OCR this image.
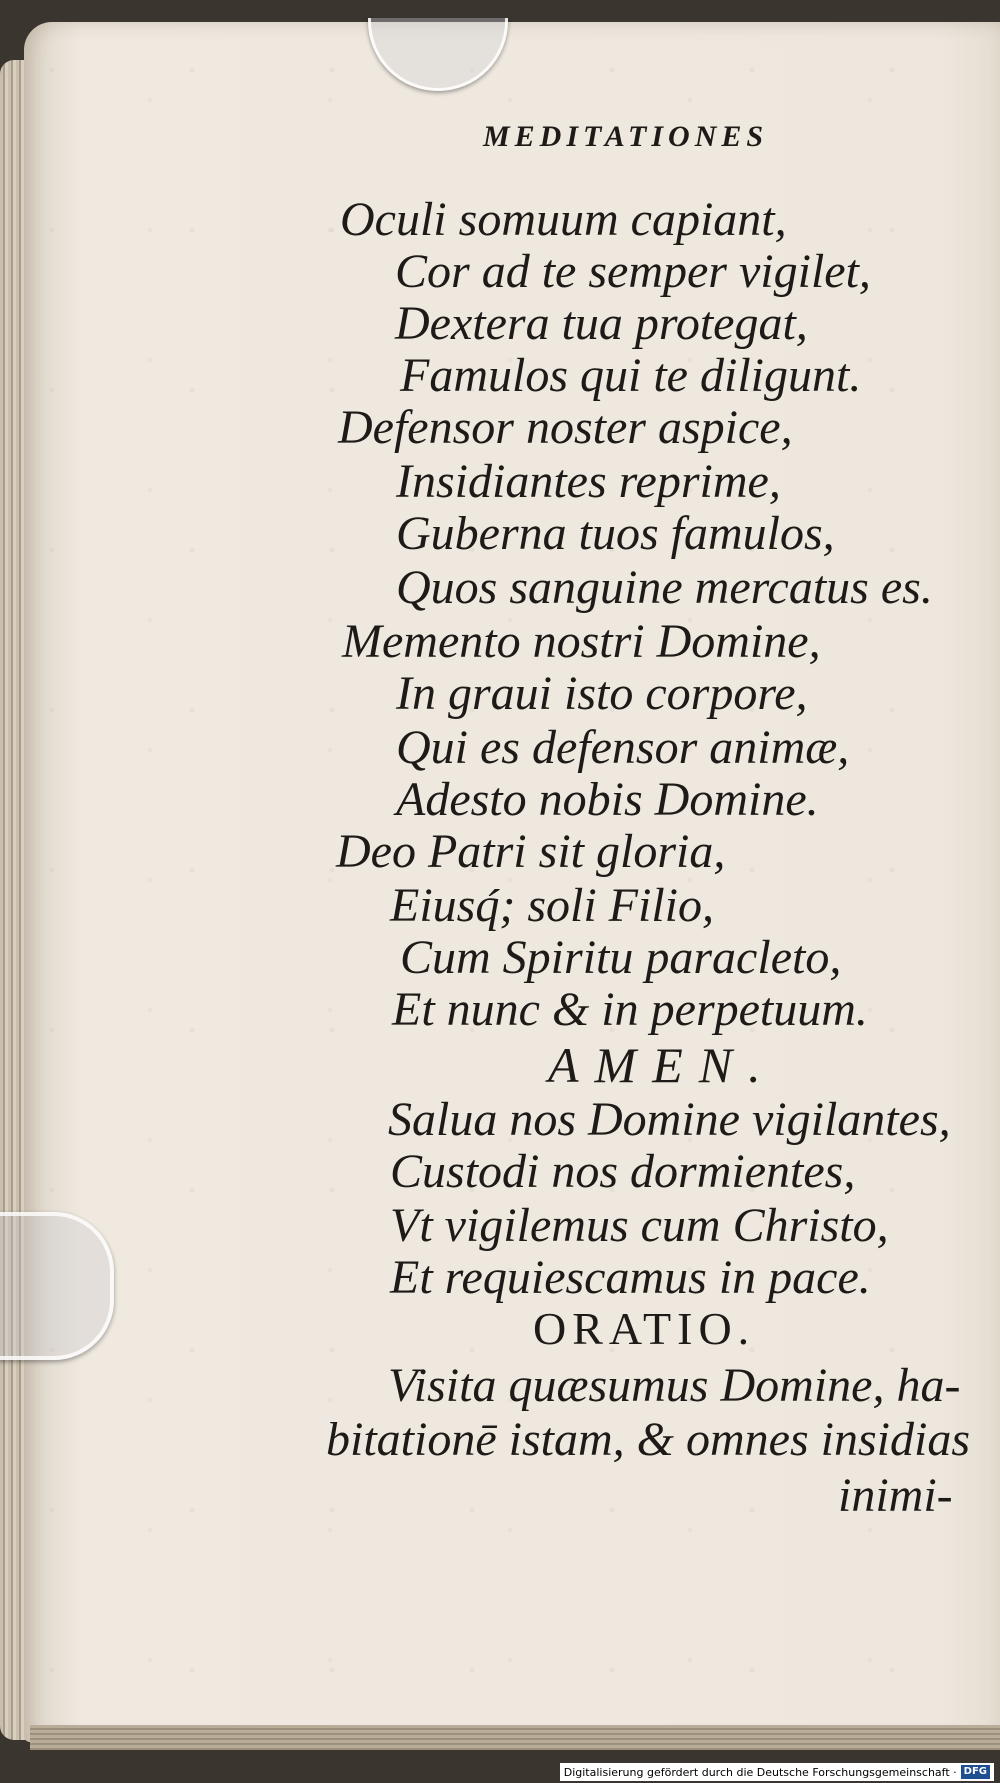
MEDITATIONES
Oculi somuum capiant,
Cor ad te semper vigilet,
Dextera tua protegat,
Famulos qui te diligunt.
Defensor noster aspice,
Insidiantes reprime,
Guberna tuos famulos,
Quos sanguine mercatus es.
Memento nostri Domine,
In graui isto corpore,
Qui es defensor animæ,
Adesto nobis Domine.
Deo Patri sit gloria,
Eiusq́; soli Filio,
Cum Spiritu paracleto,
Et nunc & in perpetuum.
AMEN.
Salua nos Domine vigilantes,
Custodi nos dormientes,
Vt vigilemus cum Christo,
Et requiescamus in pace.
ORATIO.
Visita quæsumus Domine, ha-
bitationē istam, & omnes insidias
inimi-
Digitalisierung gefördert durch die Deutsche Forschungsgemeinschaft · DFG
